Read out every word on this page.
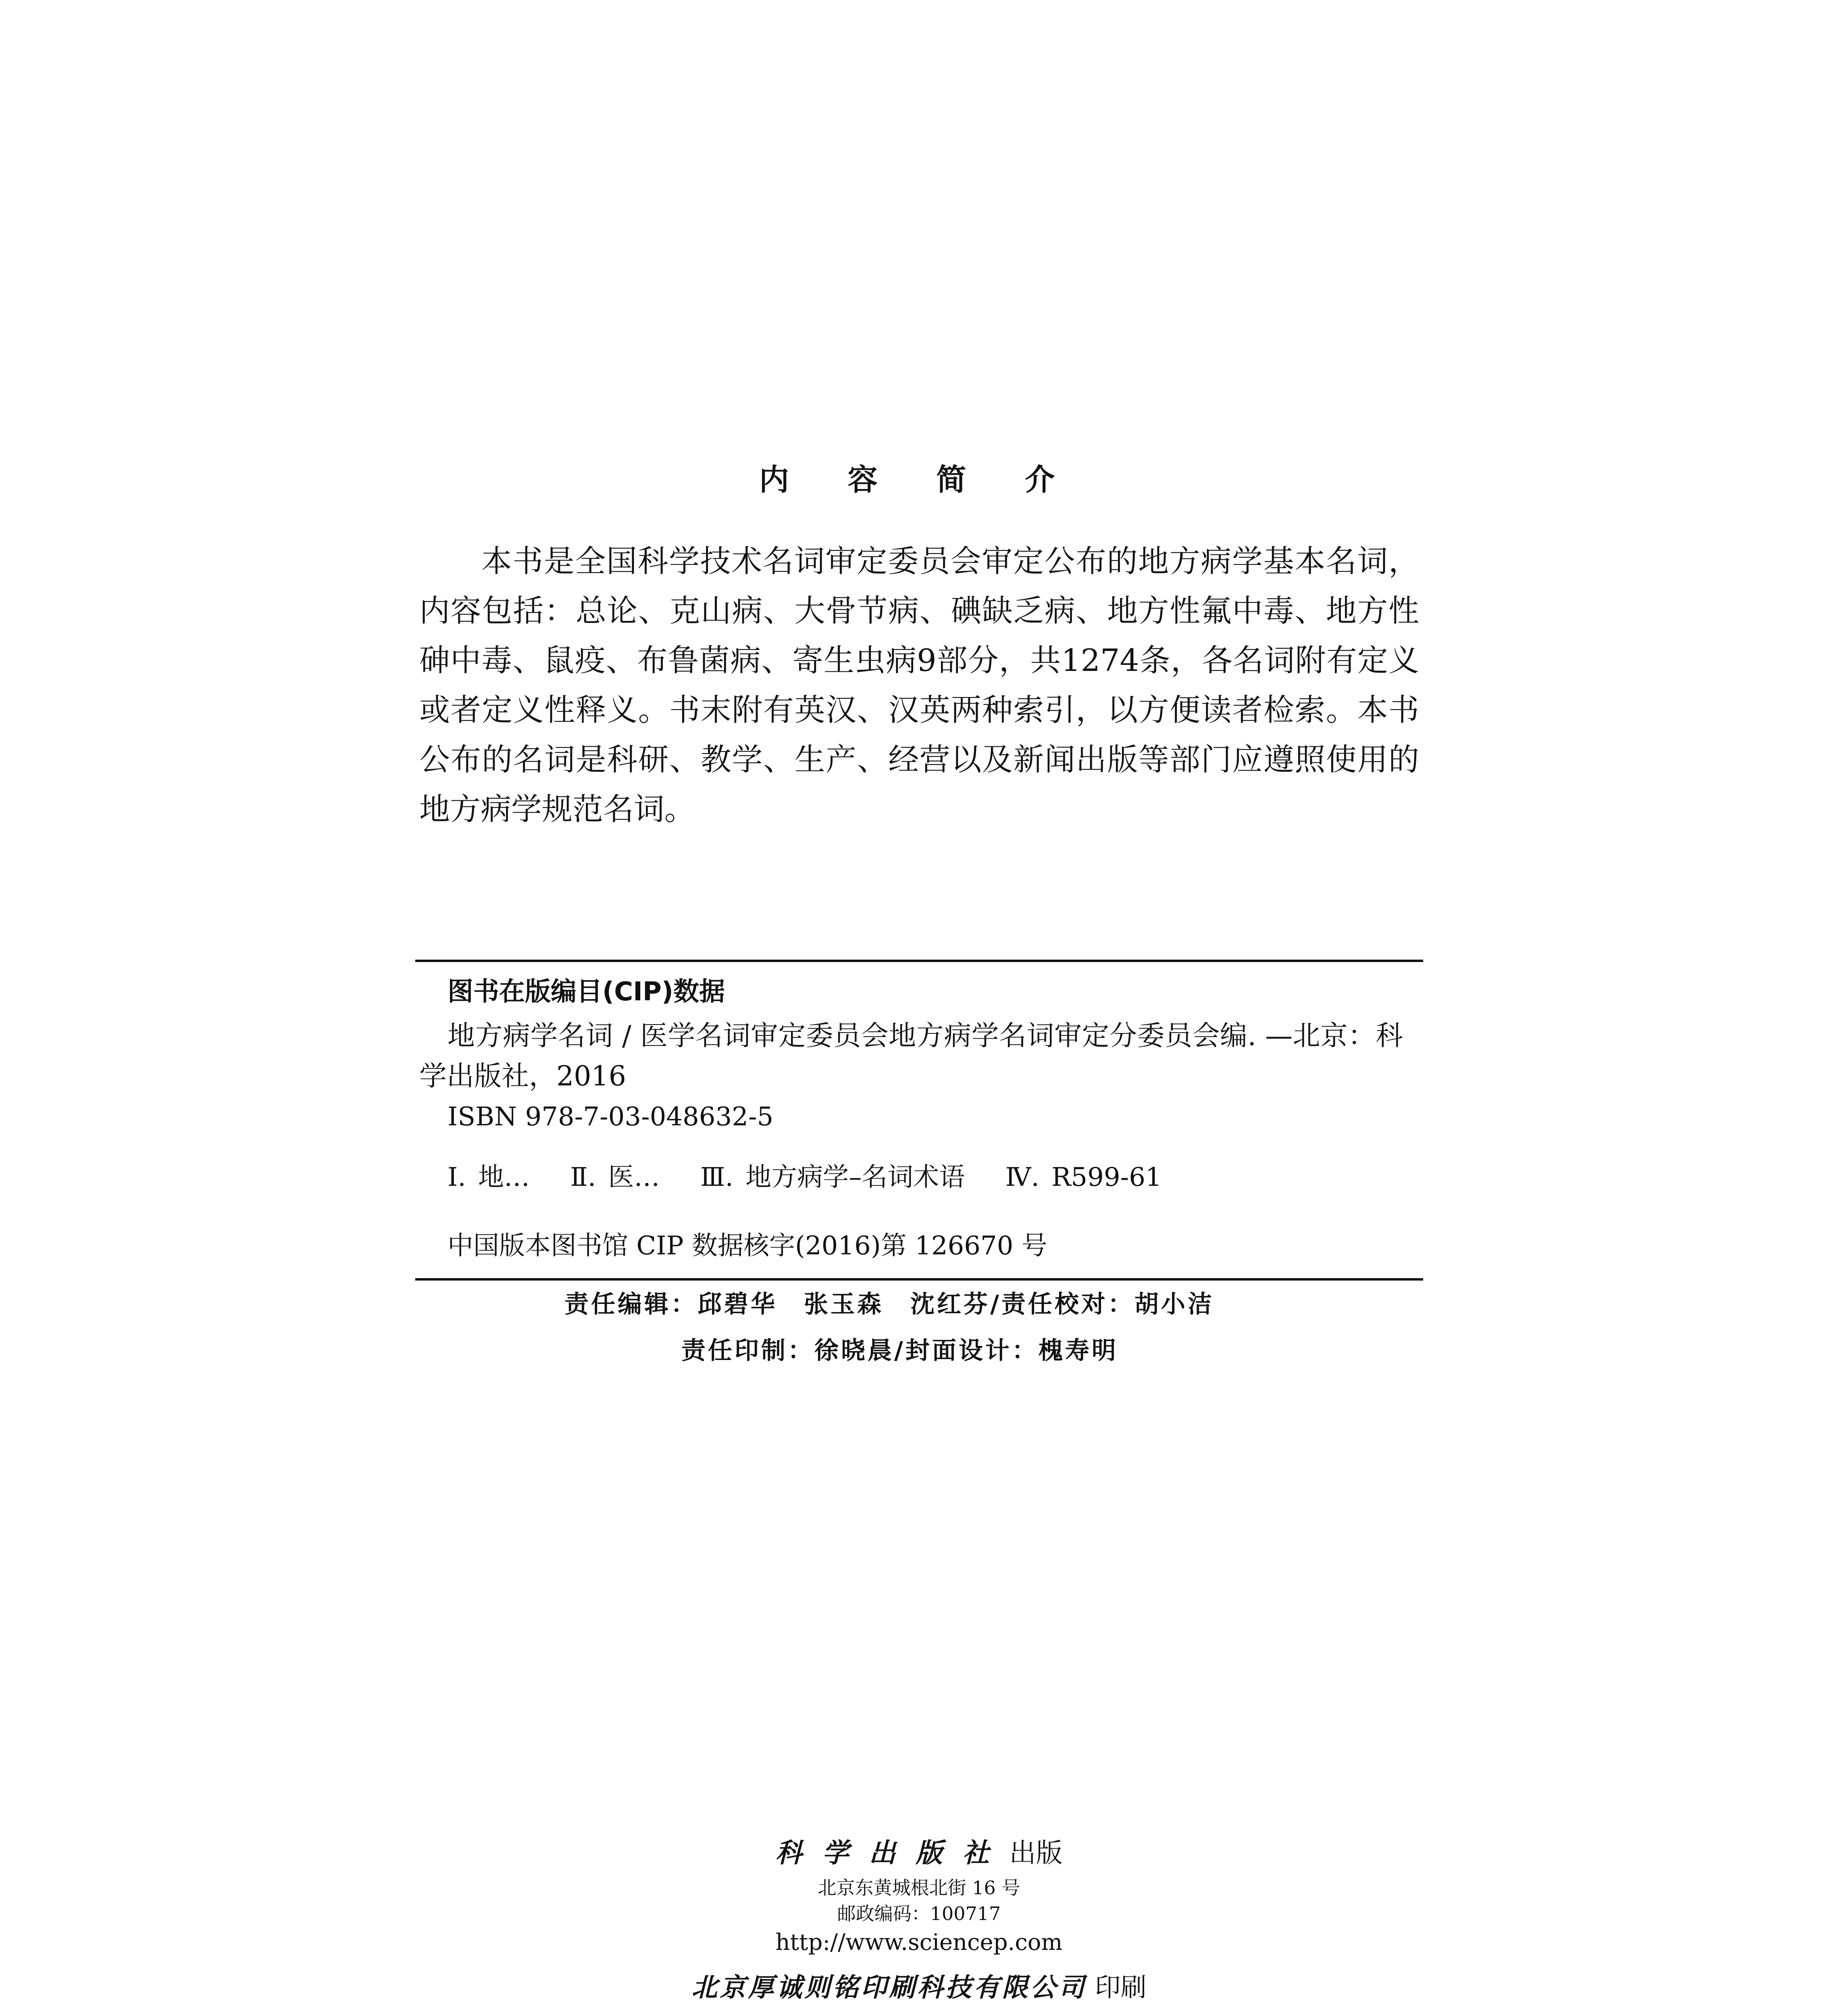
内 容 简 介

本书是全国科学技术名词审定委员会审定公布的地方病学基本名词，内容包括：总论、克山病、大骨节病、碘缺乏病、地方性氟中毒、地方性砷中毒、鼠疫、布鲁菌病、寄生虫病9部分，共1274条，各名词附有定义或者定义性释义。书末附有英汉、汉英两种索引，以方便读者检索。本书公布的名词是科研、教学、生产、经营以及新闻出版等部门应遵照使用的地方病学规范名词。

图书在版编目(CIP)数据

地方病学名词 / 医学名词审定委员会地方病学名词审定分委员会编. —北京：科学出版社，2016

ISBN 978-7-03-048632-5
Ⅰ. 地… Ⅱ. 医… Ⅲ. 地方病学–名词术语 Ⅳ. R599-61
中国版本图书馆 CIP 数据核字(2016)第 126670 号
责任编辑：邱碧华　张玉森　沈红芬/责任校对：胡小洁
责任印制：徐晓晨/封面设计：槐寿明
科学出版社出版
北京东黄城根北街 16 号
邮政编码：100717
http://www.sciencep.com
北京厚诚则铭印刷科技有限公司 印刷
